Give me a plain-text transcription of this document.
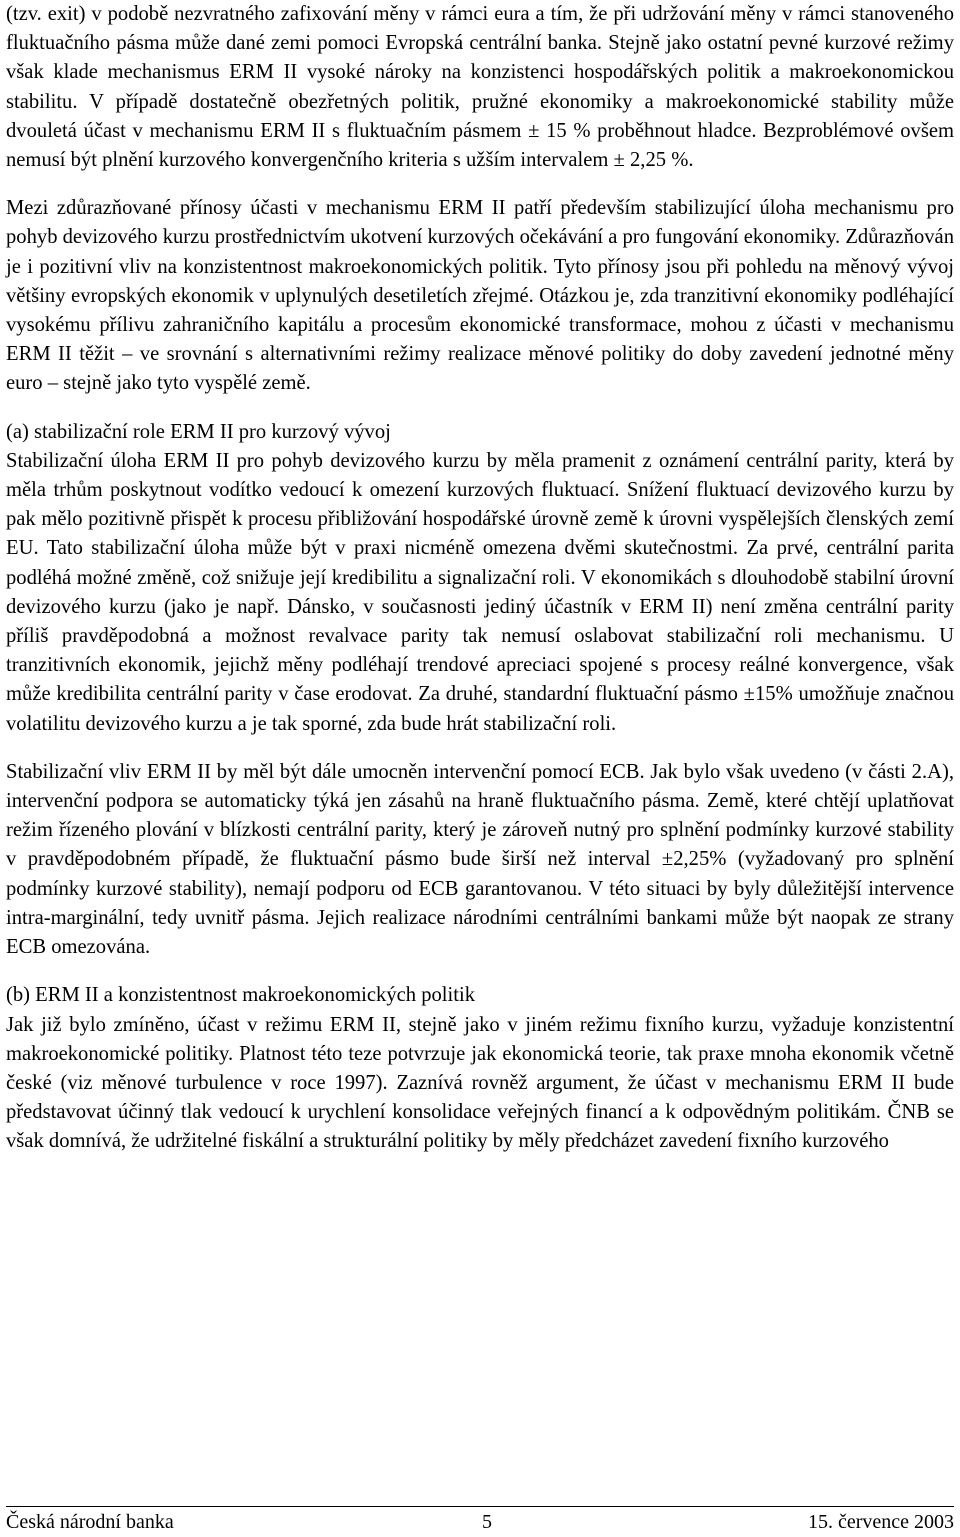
(tzv. exit) v podobě nezvratného zafixování měny v rámci eura a tím, že při udržování měny v rámci stanoveného fluktuačního pásma může dané zemi pomoci Evropská centrální banka. Stejně jako ostatní pevné kurzové režimy však klade mechanismus ERM II vysoké nároky na konzistenci hospodářských politik a makroekonomickou stabilitu. V případě dostatečně obezřetných politik, pružné ekonomiky a makroekonomické stability může dvouletá účast v mechanismu ERM II s fluktuačním pásmem ± 15 % proběhnout hladce. Bezproblémové ovšem nemusí být plnění kurzového konvergenčního kriteria s užším intervalem ± 2,25 %.

Mezi zdůrazňované přínosy účasti v mechanismu ERM II patří především stabilizující úloha mechanismu pro pohyb devizového kurzu prostřednictvím ukotvení kurzových očekávání a pro fungování ekonomiky. Zdůrazňován je i pozitivní vliv na konzistentnost makroekonomických politik. Tyto přínosy jsou při pohledu na měnový vývoj většiny evropských ekonomik v uplynulých desetiletích zřejmé. Otázkou je, zda tranzitivní ekonomiky podléhající vysokému přílivu zahraničního kapitálu a procesům ekonomické transformace, mohou z účasti v mechanismu ERM II těžit – ve srovnání s alternativními režimy realizace měnové politiky do doby zavedení jednotné měny euro – stejně jako tyto vyspělé země.

(a) stabilizační role ERM II pro kurzový vývoj

Stabilizační úloha ERM II pro pohyb devizového kurzu by měla pramenit z oznámení centrální parity, která by měla trhům poskytnout vodítko vedoucí k omezení kurzových fluktuací. Snížení fluktuací devizového kurzu by pak mělo pozitivně přispět k procesu přibližování hospodářské úrovně země k úrovni vyspělejších členských zemí EU. Tato stabilizační úloha může být v praxi nicméně omezena dvěmi skutečnostmi. Za prvé, centrální parita podléhá možné změně, což snižuje její kredibilitu a signalizační roli. V ekonomikách s dlouhodobě stabilní úrovní devizového kurzu (jako je např. Dánsko, v současnosti jediný účastník v ERM II) není změna centrální parity příliš pravděpodobná a možnost revalvace parity tak nemusí oslabovat stabilizační roli mechanismu. U tranzitivních ekonomik, jejichž měny podléhají trendové apreciaci spojené s procesy reálné konvergence, však může kredibilita centrální parity v čase erodovat. Za druhé, standardní fluktuační pásmo ±15% umožňuje značnou volatilitu devizového kurzu a je tak sporné, zda bude hrát stabilizační roli.

Stabilizační vliv ERM II by měl být dále umocněn intervenční pomocí ECB. Jak bylo však uvedeno (v části 2.A), intervenční podpora se automaticky týká jen zásahů na hraně fluktuačního pásma. Země, které chtějí uplatňovat režim řízeného plování v blízkosti centrální parity, který je zároveň nutný pro splnění podmínky kurzové stability v pravděpodobném případě, že fluktuační pásmo bude širší než interval ±2,25% (vyžadovaný pro splnění podmínky kurzové stability), nemají podporu od ECB garantovanou. V této situaci by byly důležitější intervence intra-marginální, tedy uvnitř pásma. Jejich realizace národními centrálními bankami může být naopak ze strany ECB omezována.

(b) ERM II a konzistentnost makroekonomických politik

Jak již bylo zmíněno, účast v režimu ERM II, stejně jako v jiném režimu fixního kurzu, vyžaduje konzistentní makroekonomické politiky. Platnost této teze potvrzuje jak ekonomická teorie, tak praxe mnoha ekonomik včetně české (viz měnové turbulence v roce 1997). Zaznívá rovněž argument, že účast v mechanismu ERM II bude představovat účinný tlak vedoucí k urychlení konsolidace veřejných financí a k odpovědným politikám. ČNB se však domnívá, že udržitelné fiskální a strukturální politiky by měly předcházet zavedení fixního kurzového

Česká národní banka	5	15. července 2003
